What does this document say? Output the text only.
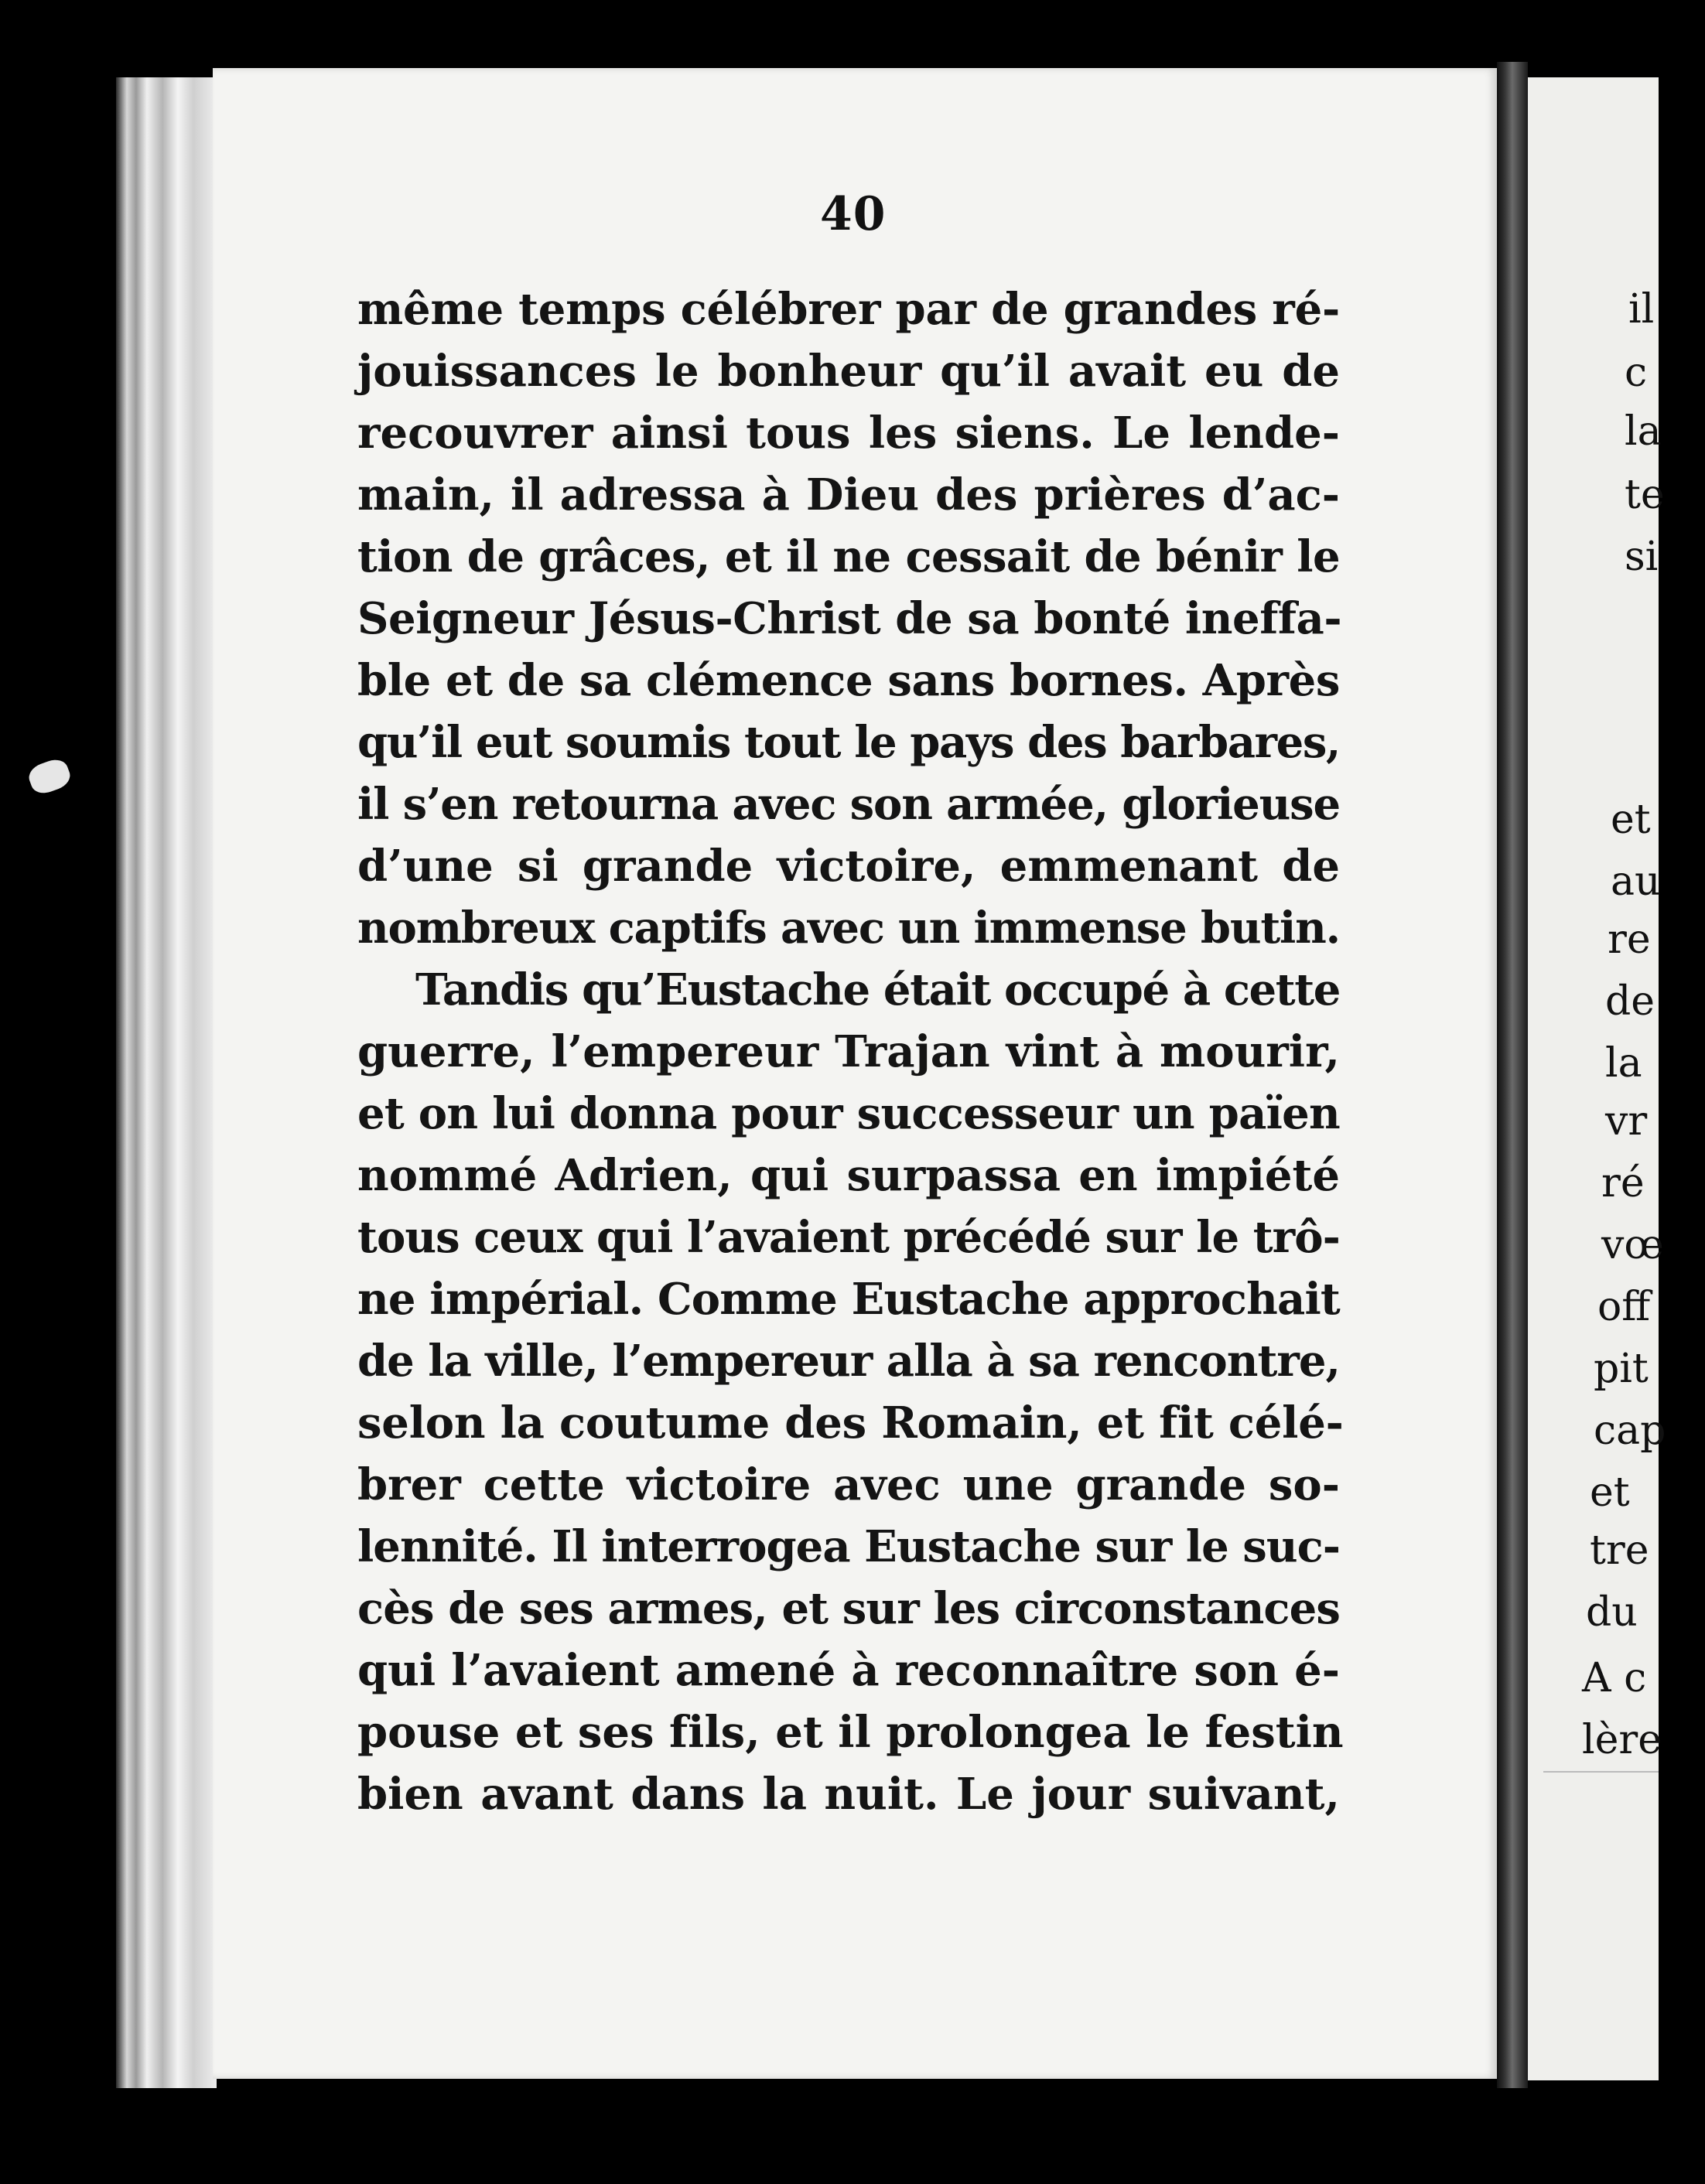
40
même temps célébrer par de grandes ré-
jouissances le bonheur qu’il avait eu de
recouvrer ainsi tous les siens. Le lende-
main, il adressa à Dieu des prières d’ac-
tion de grâces, et il ne cessait de bénir le
Seigneur Jésus-Christ de sa bonté ineffa-
ble et de sa clémence sans bornes. Après
qu’il eut soumis tout le pays des barbares,
il s’en retourna avec son armée, glorieuse
d’une si grande victoire, emmenant de
nombreux captifs avec un immense butin.
Tandis qu’Eustache était occupé à cette
guerre, l’empereur Trajan vint à mourir,
et on lui donna pour successeur un païen
nommé Adrien, qui surpassa en impiété
tous ceux qui l’avaient précédé sur le trô-
ne impérial. Comme Eustache approchait
de la ville, l’empereur alla à sa rencontre,
selon la coutume des Romain, et fit célé-
brer cette victoire avec une grande so-
lennité. Il interrogea Eustache sur le suc-
cès de ses armes, et sur les circonstances
qui l’avaient amené à reconnaître son é-
pouse et ses fils, et il prolongea le festin
bien avant dans la nuit. Le jour suivant,
il
c
la
te
si
et
au
re
de
la
vr
ré
vœ
off
pit
cap
et
tre
du
A c
lère
